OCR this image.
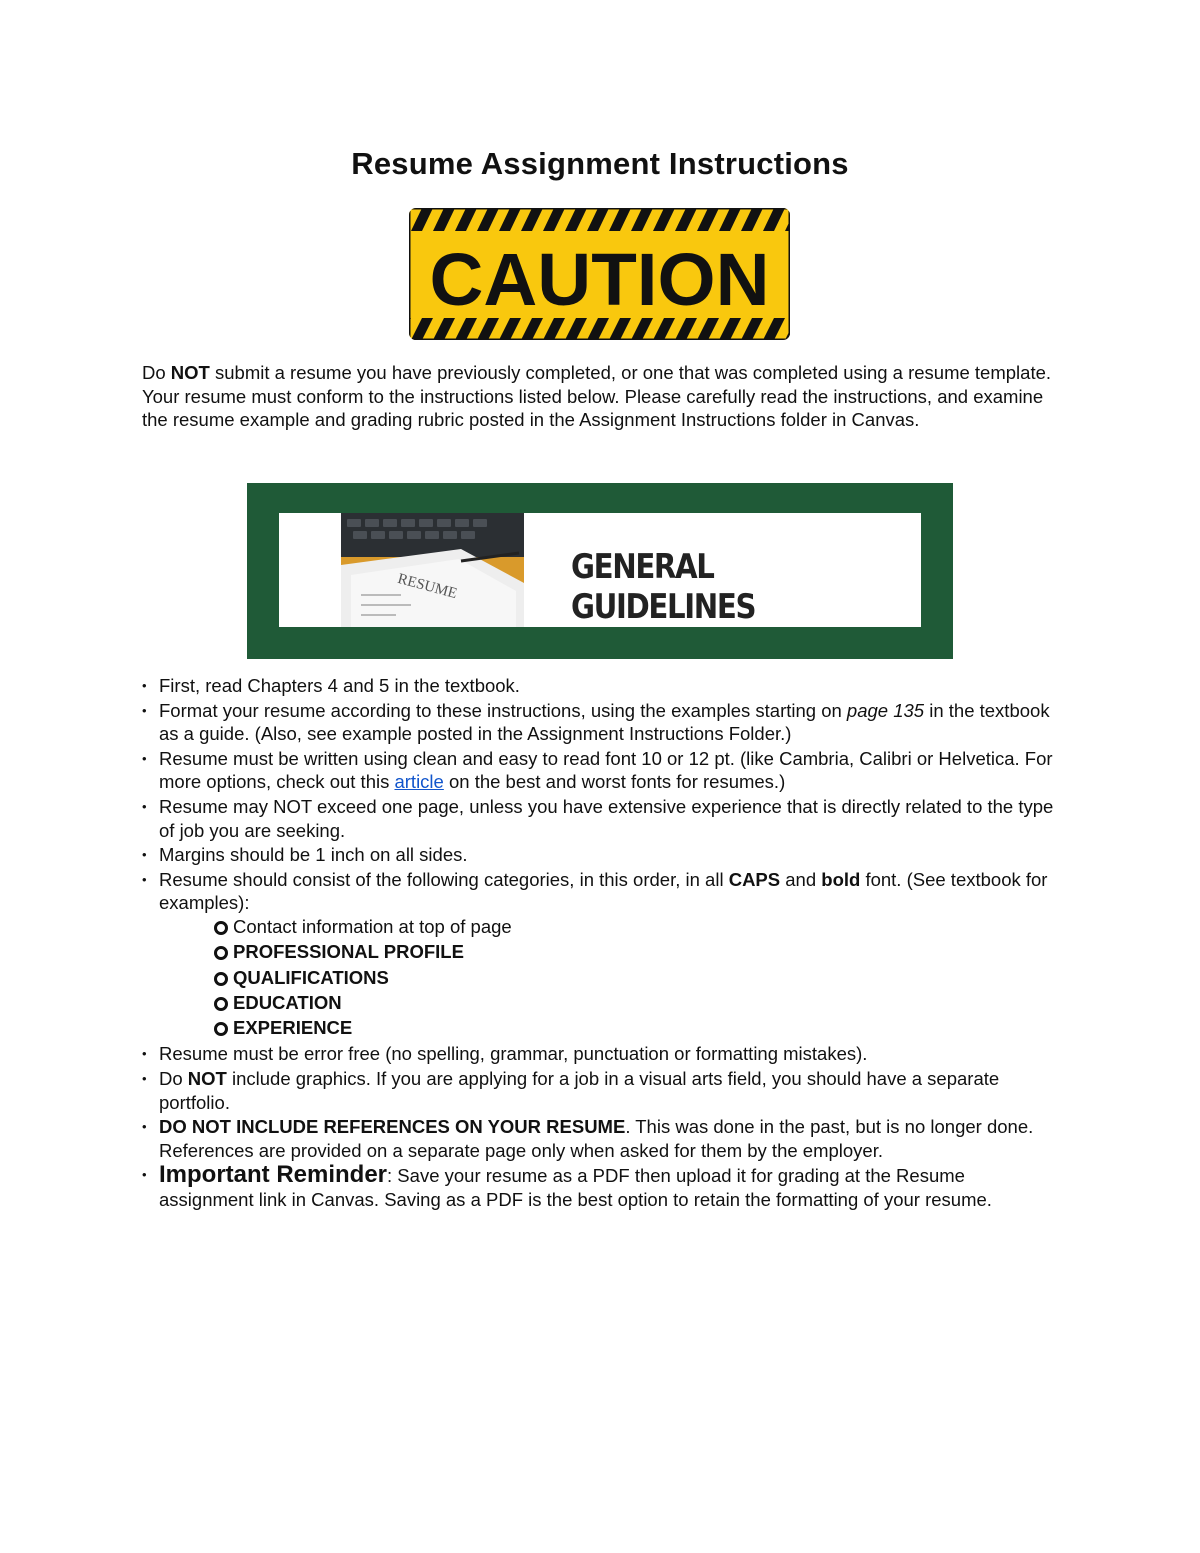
Resume Assignment Instructions
CAUTION

Do NOT submit a resume you have previously completed, or one that was completed using a resume template. Your resume must conform to the instructions listed below. Please carefully read the instructions, and examine the resume example and grading rubric posted in the Assignment Instructions folder in Canvas.

RESUME	GENERAL GUIDELINES
• First, read Chapters 4 and 5 in the textbook.
• Format your resume according to these instructions, using the examples starting on page 135 in the textbook as a guide. (Also, see example posted in the Assignment Instructions Folder.)
• Resume must be written using clean and easy to read font 10 or 12 pt. (like Cambria, Calibri or Helvetica. For more options, check out this article on the best and worst fonts for resumes.)
• Resume may NOT exceed one page, unless you have extensive experience that is directly related to the type of job you are seeking.
• Margins should be 1 inch on all sides.
• Resume should consist of the following categories, in this order, in all CAPS and bold font. (See textbook for examples):
Contact information at top of page
PROFESSIONAL PROFILE
QUALIFICATIONS
EDUCATION
EXPERIENCE
• Resume must be error free (no spelling, grammar, punctuation or formatting mistakes).
• Do NOT include graphics. If you are applying for a job in a visual arts field, you should have a separate portfolio.
• DO NOT INCLUDE REFERENCES ON YOUR RESUME. This was done in the past, but is no longer done. References are provided on a separate page only when asked for them by the employer.
• Important Reminder: Save your resume as a PDF then upload it for grading at the Resume assignment link in Canvas. Saving as a PDF is the best option to retain the formatting of your resume.
